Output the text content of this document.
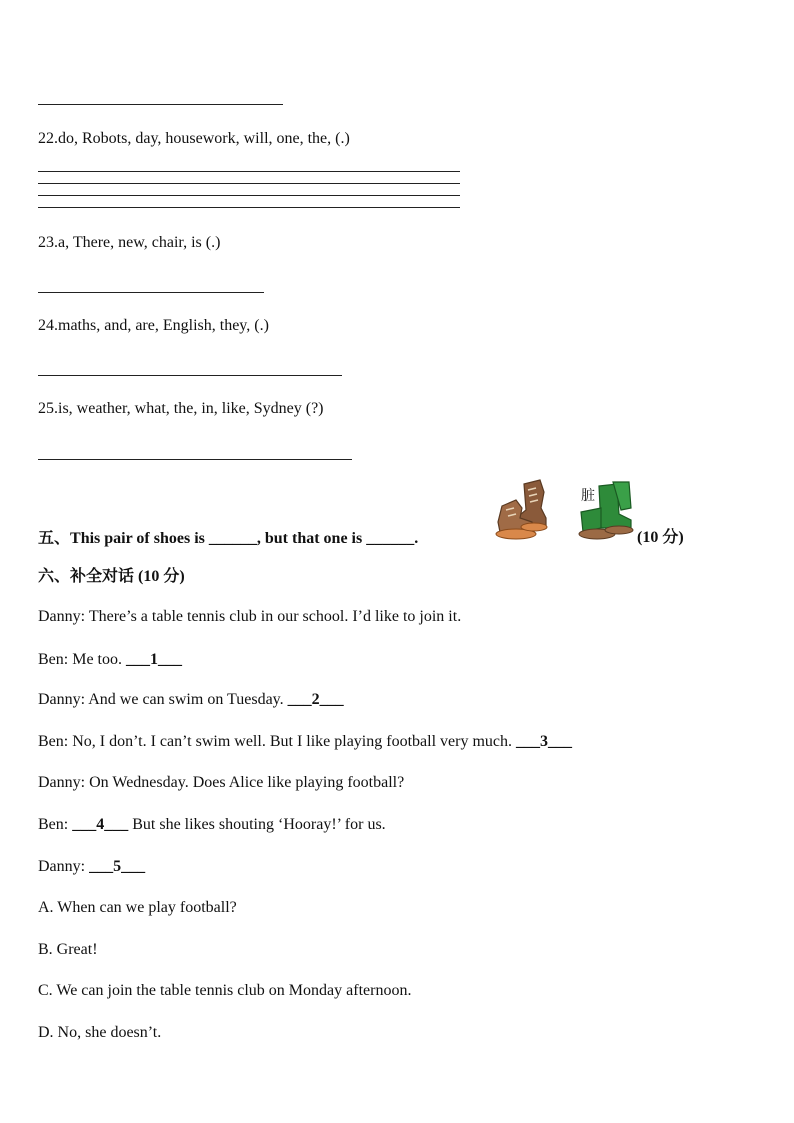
22.do, Robots, day, housework, will, one, the, (.)
23.a, There, new, chair, is (.)
24.maths, and, are, English, they, (.)
25.is, weather, what, the, in, like, Sydney (?)
五、This pair of shoes is ______, but that one is ______.	(10 分)
脏
六、补全对话 (10 分)
Danny: There’s a table tennis club in our school. I’d like to join it.
Ben: Me too. ___1___
Danny: And we can swim on Tuesday. ___2___
Ben: No, I don’t. I can’t swim well. But I like playing football very much. ___3___
Danny: On Wednesday. Does Alice like playing football?
Ben: ___4___ But she likes shouting ‘Hooray!’ for us.
Danny: ___5___
A. When can we play football?
B. Great!
C. We can join the table tennis club on Monday afternoon.
D. No, she doesn’t.
